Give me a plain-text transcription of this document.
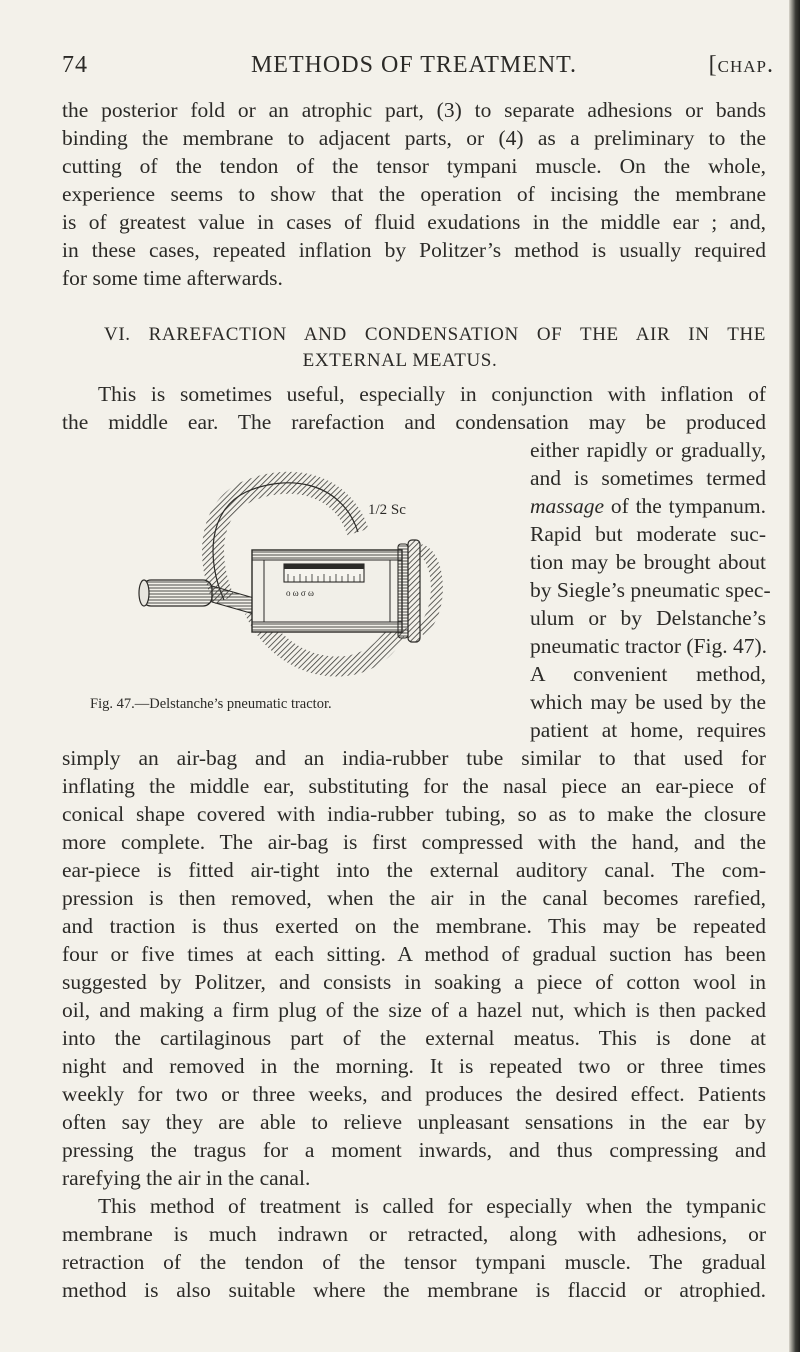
74	METHODS OF TREATMENT.	[chap.
the posterior fold or an atrophic part, (3) to separate adhesions or bands
binding the membrane to adjacent parts, or (4) as a preliminary to the
cutting of the tendon of the tensor tympani muscle. On the whole,
experience seems to show that the operation of incising the membrane
is of greatest value in cases of fluid exudations in the middle ear ; and,
in these cases, repeated inflation by Politzer’s method is usually required
for some time afterwards.
VI. RAREFACTION AND CONDENSATION OF THE AIR IN THE
EXTERNAL MEATUS.
This is sometimes useful, especially in conjunction with inflation of
the middle ear. The rarefaction and condensation may be produced
either rapidly or gradually,
and is sometimes termed
massage of the tympanum.
Rapid but moderate suc-
tion may be brought about
by Siegle’s pneumatic spec-
ulum or by Delstanche’s
pneumatic tractor (Fig. 47).
A convenient method,
which may be used by the
patient at home, requires
o ω σ ω
1/2 Sc
Fig. 47.—Delstanche’s pneumatic tractor.
simply an air-bag and an india-rubber tube similar to that used for
inflating the middle ear, substituting for the nasal piece an ear-piece of
conical shape covered with india-rubber tubing, so as to make the closure
more complete. The air-bag is first compressed with the hand, and the
ear-piece is fitted air-tight into the external auditory canal. The com-
pression is then removed, when the air in the canal becomes rarefied,
and traction is thus exerted on the membrane. This may be repeated
four or five times at each sitting. A method of gradual suction has been
suggested by Politzer, and consists in soaking a piece of cotton wool in
oil, and making a firm plug of the size of a hazel nut, which is then packed
into the cartilaginous part of the external meatus. This is done at
night and removed in the morning. It is repeated two or three times
weekly for two or three weeks, and produces the desired effect. Patients
often say they are able to relieve unpleasant sensations in the ear by
pressing the tragus for a moment inwards, and thus compressing and
rarefying the air in the canal.
This method of treatment is called for especially when the tympanic
membrane is much indrawn or retracted, along with adhesions, or
retraction of the tendon of the tensor tympani muscle. The gradual
method is also suitable where the membrane is flaccid or atrophied.
